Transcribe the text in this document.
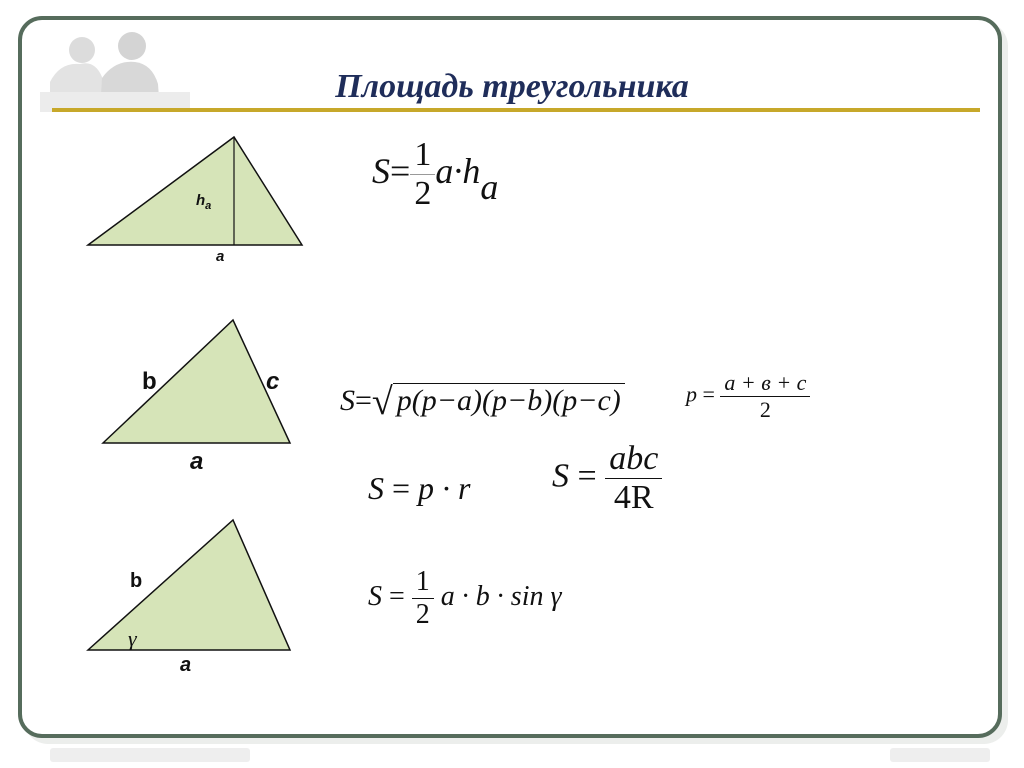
Площадь треугольника
$h_a$
a
b	c
a
b
γ
a
$S= \frac{1}{2} a\cdot ha$
S=√ p(p−a)(p−b)(p−c)	$p = \frac{a + в + c}{2}$
S = p · r $S = \frac{\text{abc}}{4R}$
$S = \frac{1}{2}$ a · b · sin γ
